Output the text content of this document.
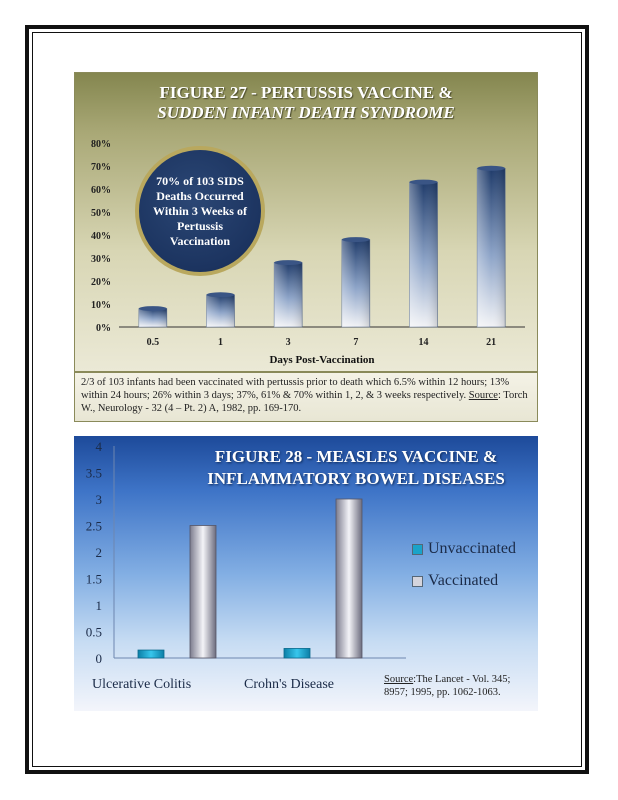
FIGURE 27 - PERTUSSIS VACCINE &
SUDDEN INFANT DEATH SYNDROME
0%
10%
20%
30%
40%
50%
60%
70%
80%
0.5	1	3	7	14	21
Days Post-Vaccination
70% of 103 SIDS Deaths Occurred Within 3 Weeks of Pertussis Vaccination
2/3 of 103 infants had been vaccinated with pertussis prior to death which 6.5% within 12 hours; 13% within 24 hours; 26% within 3 days; 37%, 61% & 70% within 1, 2, & 3 weeks respectively. Source: Torch W., Neurology - 32 (4 – Pt. 2) A, 1982, pp. 169-170.
0
0.5
1
1.5
2
2.5
3
3.5
4
FIGURE 28 - MEASLES VACCINE &
INFLAMMATORY BOWEL DISEASES
Unvaccinated
Vaccinated
Ulcerative Colitis	Crohn's Disease	Source:The Lancet - Vol. 345; 8957; 1995, pp. 1062-1063.
